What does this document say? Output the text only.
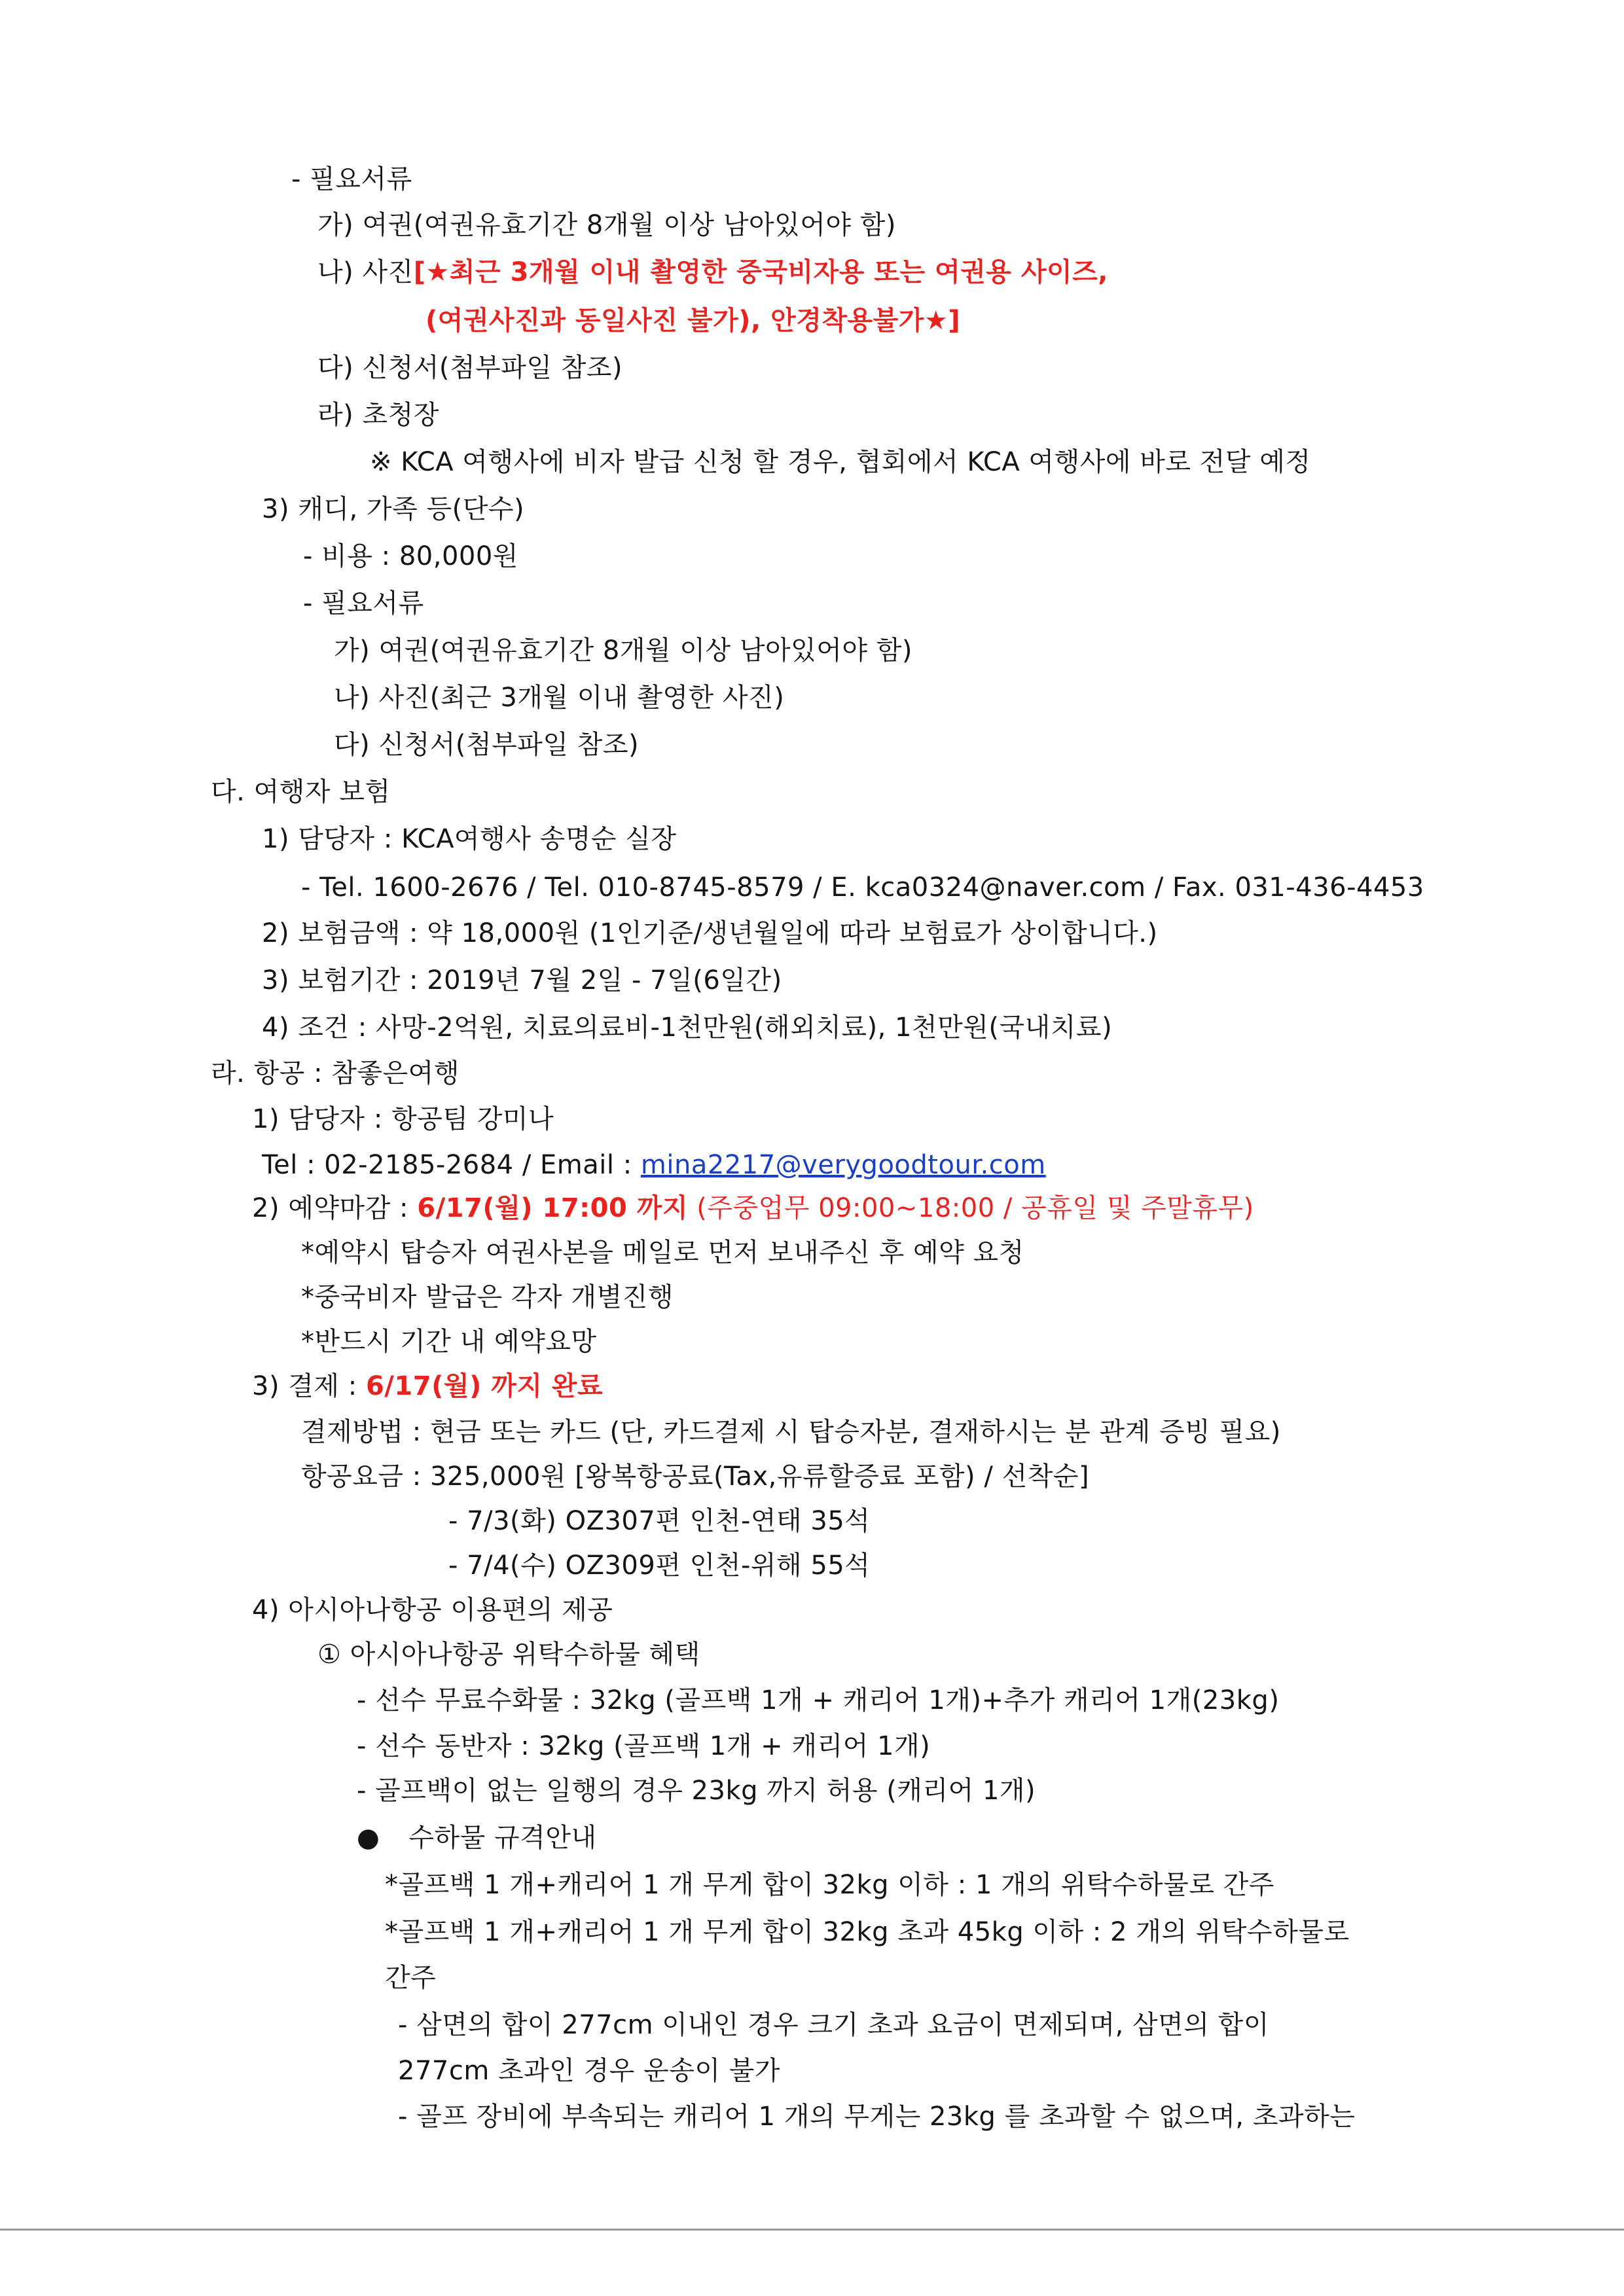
- 필요서류
가) 여권(여권유효기간 8개월 이상 남아있어야 함)
나) 사진[★최근 3개월 이내 촬영한 중국비자용 또는 여권용 사이즈,
(여권사진과 동일사진 불가), 안경착용불가★]
다) 신청서(첨부파일 참조)
라) 초청장
※ KCA 여행사에 비자 발급 신청 할 경우, 협회에서 KCA 여행사에 바로 전달 예정
3) 캐디, 가족 등(단수)
- 비용 : 80,000원
- 필요서류
가) 여권(여권유효기간 8개월 이상 남아있어야 함)
나) 사진(최근 3개월 이내 촬영한 사진)
다) 신청서(첨부파일 참조)
다. 여행자 보험
1) 담당자 : KCA여행사 송명순 실장
- Tel. 1600-2676 / Tel. 010-8745-8579 / E. kca0324@naver.com / Fax. 031-436-4453
2) 보험금액 : 약 18,000원 (1인기준/생년월일에 따라 보험료가 상이합니다.)
3) 보험기간 : 2019년 7월 2일 - 7일(6일간)
4) 조건 : 사망-2억원, 치료의료비-1천만원(해외치료), 1천만원(국내치료)
라. 항공 : 참좋은여행
1) 담당자 : 항공팀 강미나
Tel : 02-2185-2684 / Email : mina2217@verygoodtour.com
2) 예약마감 : 6/17(월) 17:00 까지 (주중업무 09:00~18:00 / 공휴일 및 주말휴무)
*예약시 탑승자 여권사본을 메일로 먼저 보내주신 후 예약 요청
*중국비자 발급은 각자 개별진행
*반드시 기간 내 예약요망
3) 결제 : 6/17(월) 까지 완료
결제방법 : 현금 또는 카드 (단, 카드결제 시 탑승자분, 결재하시는 분 관계 증빙 필요)
항공요금 : 325,000원 [왕복항공료(Tax,유류할증료 포함) / 선착순]
- 7/3(화) OZ307편 인천-연태 35석
- 7/4(수) OZ309편 인천-위해 55석
4) 아시아나항공 이용편의 제공
① 아시아나항공 위탁수하물 혜택
- 선수 무료수화물 : 32kg (골프백 1개 + 캐리어 1개)+추가 캐리어 1개(23kg)
- 선수 동반자 : 32kg (골프백 1개 + 캐리어 1개)
- 골프백이 없는 일행의 경우 23kg 까지 허용 (캐리어 1개)
● 수하물 규격안내
*골프백 1 개+캐리어 1 개 무게 합이 32kg 이하 : 1 개의 위탁수하물로 간주
*골프백 1 개+캐리어 1 개 무게 합이 32kg 초과 45kg 이하 : 2 개의 위탁수하물로
간주
- 삼면의 합이 277cm 이내인 경우 크기 초과 요금이 면제되며, 삼면의 합이
277cm 초과인 경우 운송이 불가
- 골프 장비에 부속되는 캐리어 1 개의 무게는 23kg 를 초과할 수 없으며, 초과하는
